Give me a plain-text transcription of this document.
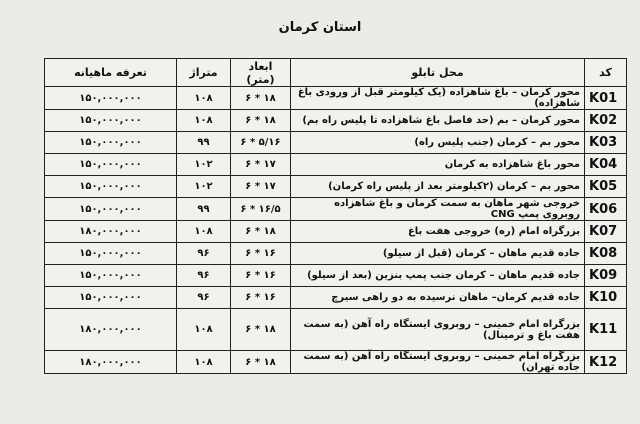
استان کرمان
کد	محل تابلو	ابعاد (متر)	متراژ	تعرفه ماهیانه
K01	محور کرمان – باغ شاهزاده (یک کیلومتر قبل از ورودی باغ شاهزاده)	۶ * ۱۸	۱۰۸	۱۵۰,۰۰۰,۰۰۰
K02	محور کرمان – بم (حد فاصل باغ شاهزاده تا پلیس راه بم)	۶ * ۱۸	۱۰۸	۱۵۰,۰۰۰,۰۰۰
K03	محور بم – کرمان (جنب پلیس راه)	۶ * ۵/۱۶	۹۹	۱۵۰,۰۰۰,۰۰۰
K04	محور باغ شاهزاده به کرمان	۶ * ۱۷	۱۰۲	۱۵۰,۰۰۰,۰۰۰
K05	محور بم – کرمان (۲کیلومتر بعد از پلیس راه کرمان)	۶ * ۱۷	۱۰۲	۱۵۰,۰۰۰,۰۰۰
K06	خروجی شهر ماهان به سمت کرمان و باغ شاهزاده روبروی پمپ CNG	۶ * ۱۶/۵	۹۹	۱۵۰,۰۰۰,۰۰۰
K07	بزرگراه امام (ره) خروجی هفت باغ	۶ * ۱۸	۱۰۸	۱۸۰,۰۰۰,۰۰۰
K08	جاده قدیم ماهان – کرمان (قبل از سیلو)	۶ * ۱۶	۹۶	۱۵۰,۰۰۰,۰۰۰
K09	جاده قدیم ماهان – کرمان جنب پمپ بنزین (بعد از سیلو)	۶ * ۱۶	۹۶	۱۵۰,۰۰۰,۰۰۰
K10	جاده قدیم کرمان– ماهان نرسیده به دو راهی سیرچ	۶ * ۱۶	۹۶	۱۵۰,۰۰۰,۰۰۰
K11	بزرگراه امام خمینی – روبروی ایستگاه راه آهن (به سمت هفت باغ و ترمینال)	۶ * ۱۸	۱۰۸	۱۸۰,۰۰۰,۰۰۰
K12	بزرگراه امام خمینی – روبروی ایستگاه راه آهن (به سمت جاده تهران)	۶ * ۱۸	۱۰۸	۱۸۰,۰۰۰,۰۰۰
